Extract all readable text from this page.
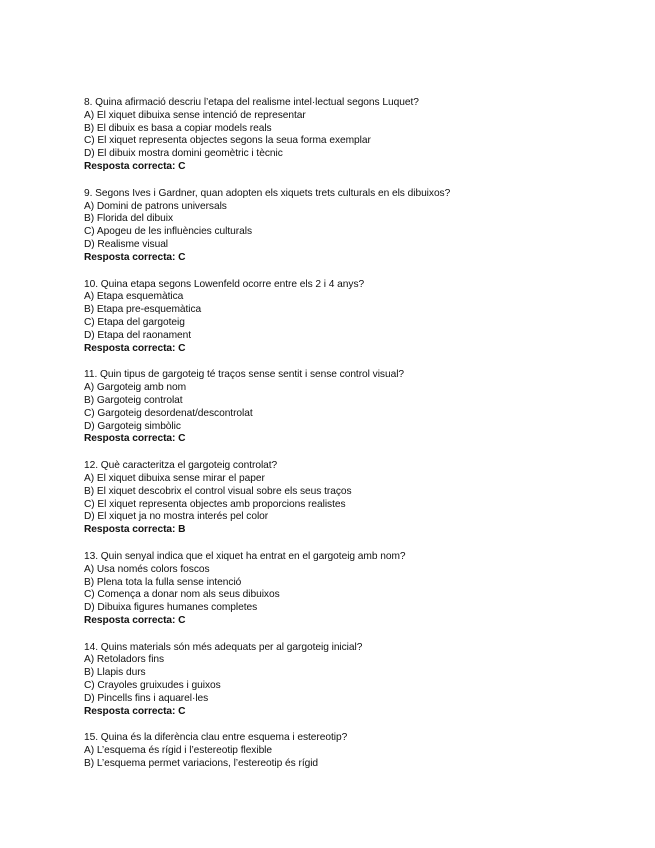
8. Quina afirmació descriu l’etapa del realisme intel·lectual segons Luquet?
A) El xiquet dibuixa sense intenció de representar
B) El dibuix es basa a copiar models reals
C) El xiquet representa objectes segons la seua forma exemplar
D) El dibuix mostra domini geomètric i tècnic
Resposta correcta: C
9. Segons Ives i Gardner, quan adopten els xiquets trets culturals en els dibuixos?
A) Domini de patrons universals
B) Florida del dibuix
C) Apogeu de les influències culturals
D) Realisme visual
Resposta correcta: C
10. Quina etapa segons Lowenfeld ocorre entre els 2 i 4 anys?
A) Etapa esquemàtica
B) Etapa pre-esquemàtica
C) Etapa del gargoteig
D) Etapa del raonament
Resposta correcta: C
11. Quin tipus de gargoteig té traços sense sentit i sense control visual?
A) Gargoteig amb nom
B) Gargoteig controlat
C) Gargoteig desordenat/descontrolat
D) Gargoteig simbòlic
Resposta correcta: C
12. Què caracteritza el gargoteig controlat?
A) El xiquet dibuixa sense mirar el paper
B) El xiquet descobrix el control visual sobre els seus traços
C) El xiquet representa objectes amb proporcions realistes
D) El xiquet ja no mostra interés pel color
Resposta correcta: B
13. Quin senyal indica que el xiquet ha entrat en el gargoteig amb nom?
A) Usa només colors foscos
B) Plena tota la fulla sense intenció
C) Comença a donar nom als seus dibuixos
D) Dibuixa figures humanes completes
Resposta correcta: C
14. Quins materials són més adequats per al gargoteig inicial?
A) Retoladors fins
B) Llapis durs
C) Crayoles gruixudes i guixos
D) Pincells fins i aquarel·les
Resposta correcta: C
15. Quina és la diferència clau entre esquema i estereotip?
A) L’esquema és rígid i l’estereotip flexible
B) L’esquema permet variacions, l’estereotip és rígid
